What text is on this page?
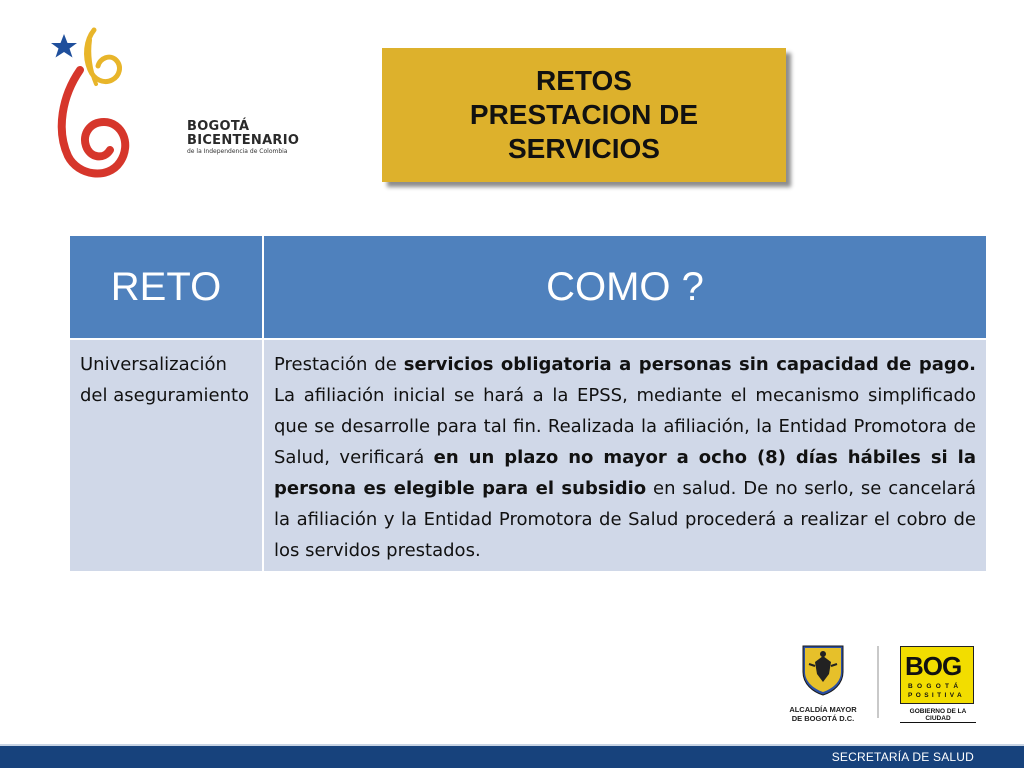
BOGOTÁ
BICENTENARIO
de la Independencia de Colombia
RETOS
PRESTACION DE
SERVICIOS
RETO	COMO ?
Universalización del aseguramiento	Prestación de servicios obligatoria a personas sin capacidad de pago. La afiliación inicial se hará a la EPSS, mediante el mecanismo simplificado que se desarrolle para tal fin. Realizada la afiliación, la Entidad Promotora de Salud, verificará en un plazo no mayor a ocho (8) días hábiles si la persona es elegible para el subsidio en salud. De no serlo, se cancelará la afiliación y la Entidad Promotora de Salud procederá a realizar el cobro de los servidos prestados.
ALCALDÍA MAYOR
DE BOGOTÁ D.C.
BOG
BOGOTÁ
POSITIVA
GOBIERNO DE LA CIUDAD
SECRETARÍA DE SALUD
